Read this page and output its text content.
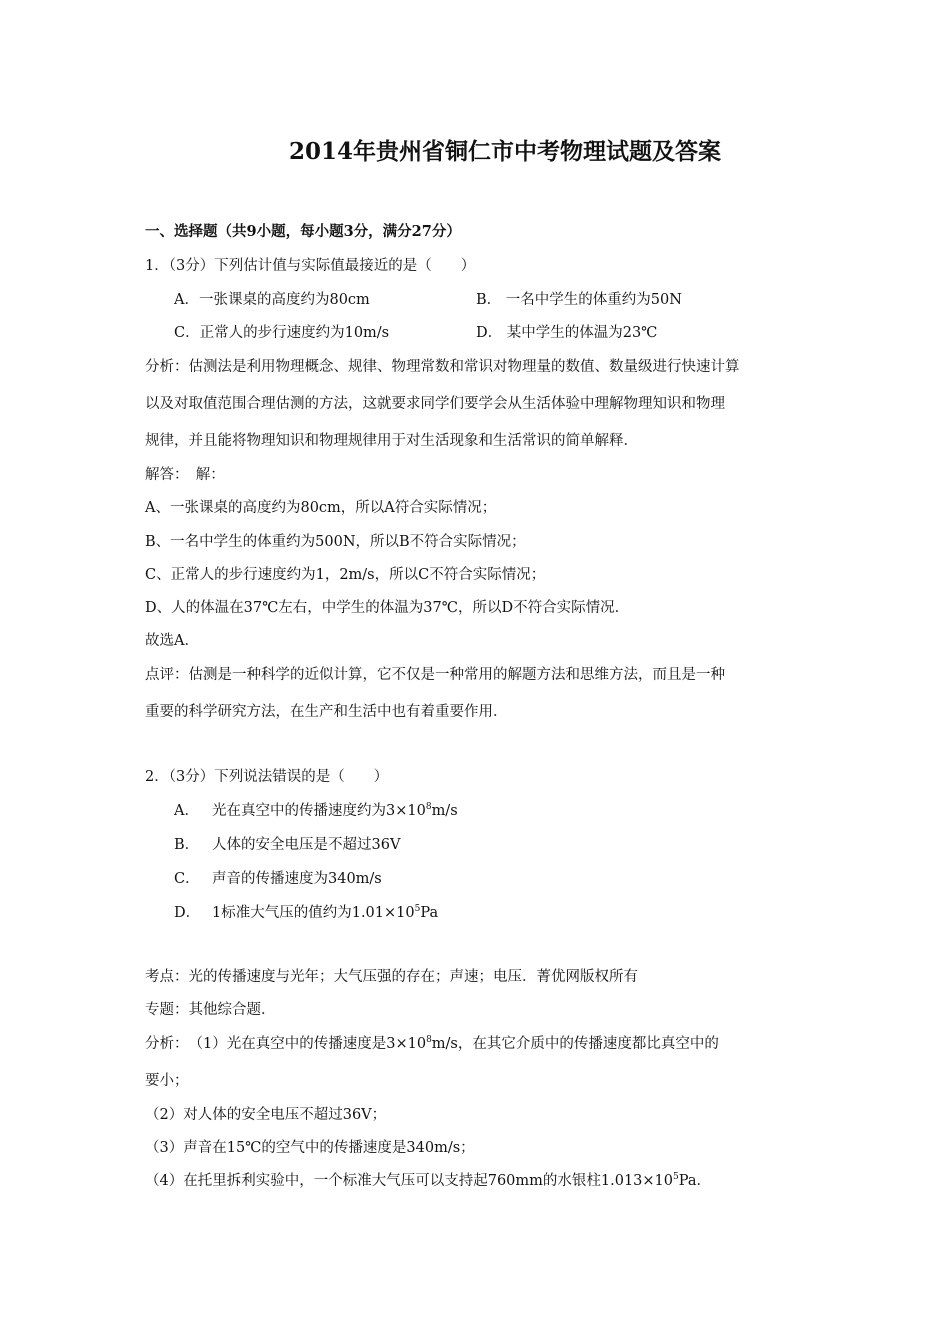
2014年贵州省铜仁市中考物理试题及答案
一、选择题（共9小题，每小题3分，满分27分）
1．（3分）下列估计值与实际值最接近的是（　　）
A．一张课桌的高度约为80cm	B． 一名中学生的体重约为50N
C．正常人的步行速度约为10m/s	D． 某中学生的体温为23℃
分析：估测法是利用物理概念、规律、物理常数和常识对物理量的数值、数量级进行快速计算
以及对取值范围合理估测的方法，这就要求同学们要学会从生活体验中理解物理知识和物理
规律，并且能将物理知识和物理规律用于对生活现象和生活常识的简单解释．
解答：　解：
A、一张课桌的高度约为80cm，所以A符合实际情况；
B、一名中学生的体重约为500N，所以B不符合实际情况；
C、正常人的步行速度约为1，2m/s，所以C不符合实际情况；
D、人的体温在37℃左右，中学生的体温为37℃，所以D不符合实际情况．
故选A．
点评：估测是一种科学的近似计算，它不仅是一种常用的解题方法和思维方法，而且是一种
重要的科学研究方法，在生产和生活中也有着重要作用．
2．（3分）下列说法错误的是（　　）
A． 光在真空中的传播速度约为$3\times 10^8m/s$
B． 人体的安全电压是不超过36V
C． 声音的传播速度为340m/s
D． 1标准大气压的值约为$1.01\times 10^5Pa$
考点：光的传播速度与光年；大气压强的存在；声速；电压．菁优网版权所有
专题：其他综合题．
分析：　（1）光在真空中的传播速度是$3\times 10^8m/s$，在其它介质中的传播速度都比真空中的
要小；
（2）对人体的安全电压不超过36V；
（3）声音在15℃的空气中的传播速度是340m/s；
（4）在托里拆利实验中，一个标准大气压可以支持起760mm的水银柱$1.013\times 10^5Pa$．
